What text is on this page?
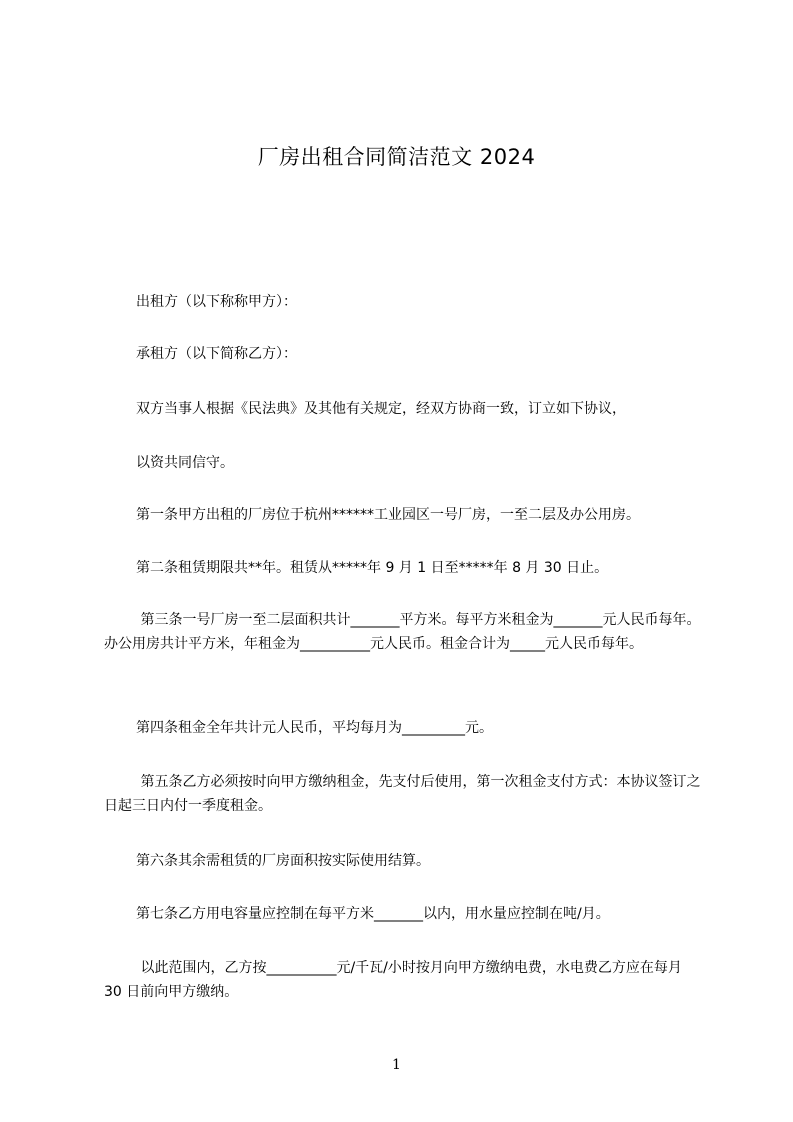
厂房出租合同简洁范文 2024

出租方（以下称称甲方）：

承租方（以下简称乙方）：

双方当事人根据《民法典》及其他有关规定，经双方协商一致，订立如下协议，

以资共同信守。

第一条甲方出租的厂房位于杭州******工业园区一号厂房，一至二层及办公用房。

第二条租赁期限共**年。租赁从*****年 9 月 1 日至*****年 8 月 30 日止。

第三条一号厂房一至二层面积共计_______平方米。每平方米租金为_______元人民币每年。办公用房共计平方米，年租金为__________元人民币。租金合计为_____元人民币每年。

第四条租金全年共计元人民币，平均每月为_________元。

第五条乙方必须按时向甲方缴纳租金，先支付后使用，第一次租金支付方式：本协议签订之日起三日内付一季度租金。

第六条其余需租赁的厂房面积按实际使用结算。

第七条乙方用电容量应控制在每平方米_______以内，用水量应控制在吨/月。

以此范围内，乙方按__________元/千瓦/小时按月向甲方缴纳电费，水电费乙方应在每月 30 日前向甲方缴纳。

1
